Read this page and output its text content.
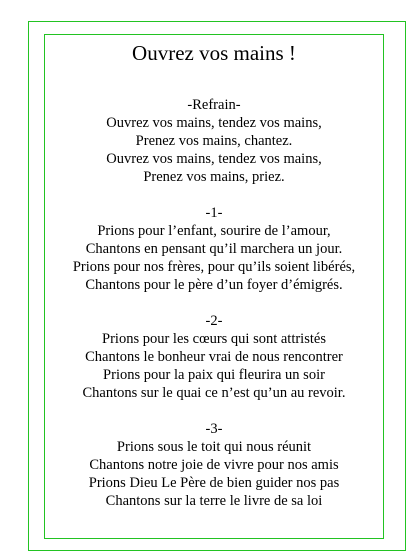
Ouvrez vos mains !
-Refrain-
Ouvrez vos mains, tendez vos mains,
Prenez vos mains, chantez.
Ouvrez vos mains, tendez vos mains,
Prenez vos mains, priez.
-1-
Prions pour l’enfant, sourire de l’amour,
Chantons en pensant qu’il marchera un jour.
Prions pour nos frères, pour qu’ils soient libérés,
Chantons pour le père d’un foyer d’émigrés.
-2-
Prions pour les cœurs qui sont attristés
Chantons le bonheur vrai de nous rencontrer
Prions pour la paix qui fleurira un soir
Chantons sur le quai ce n’est qu’un au revoir.
-3-
Prions sous le toit qui nous réunit
Chantons notre joie de vivre pour nos amis
Prions Dieu Le Père de bien guider nos pas
Chantons sur la terre le livre de sa loi
